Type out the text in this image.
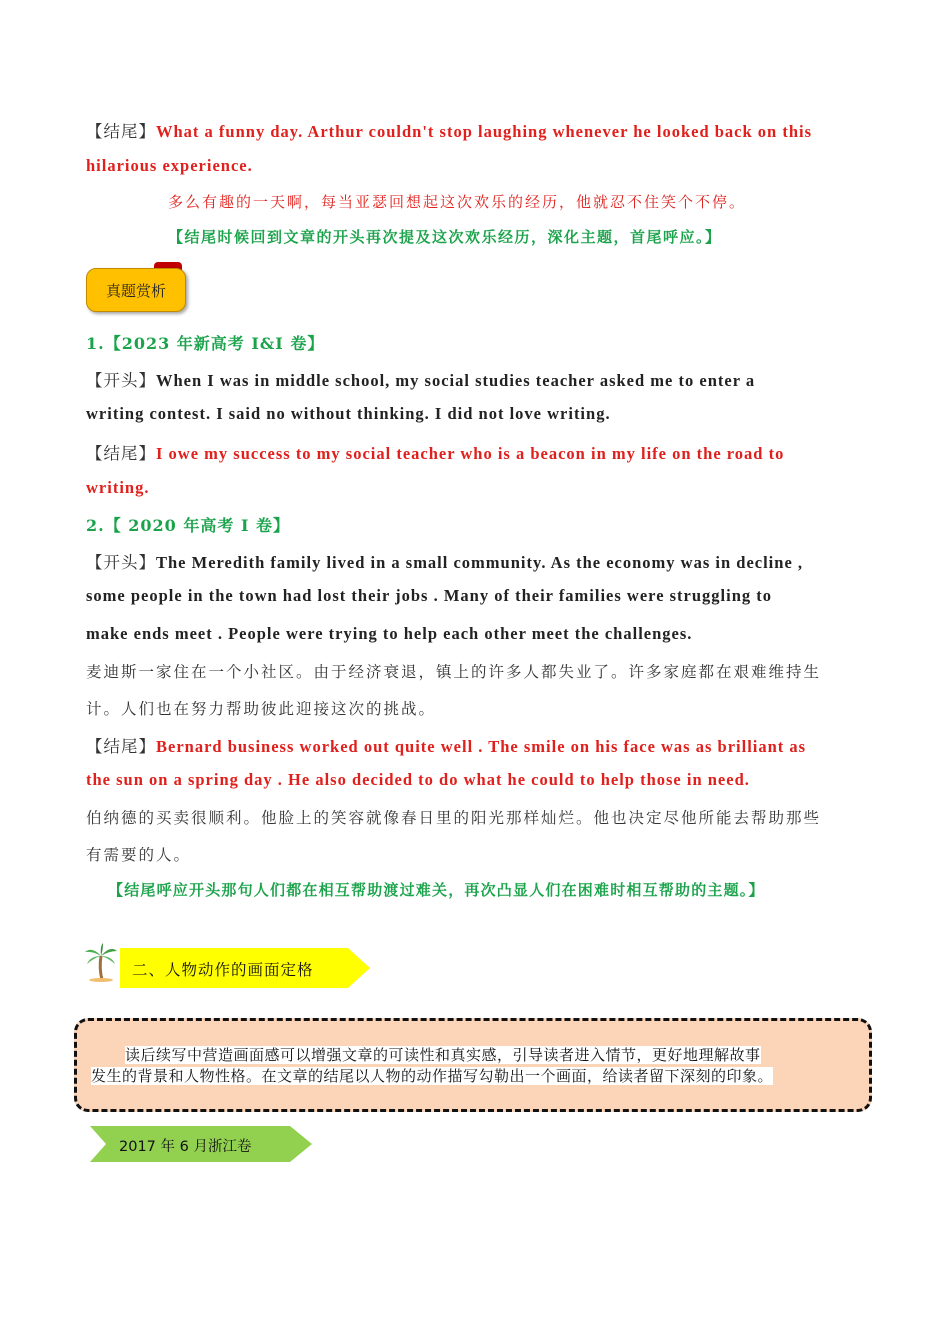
【结尾】What a funny day. Arthur couldn't stop laughing whenever he looked back on this
hilarious experience.
多么有趣的一天啊，每当亚瑟回想起这次欢乐的经历，他就忍不住笑个不停。
【结尾时候回到文章的开头再次提及这次欢乐经历，深化主题，首尾呼应。】
真题赏析
1.【2023 年新高考 I&I 卷】
【开头】When I was in middle school, my social studies teacher asked me to enter a
writing contest. I said no without thinking. I did not love writing.
【结尾】I owe my success to my social teacher who is a beacon in my life on the road to
writing.
2.【 2020 年高考 I 卷】
【开头】The Meredith family lived in a small community. As the economy was in decline ,
some people in the town had lost their jobs . Many of their families were struggling to
make ends meet . People were trying to help each other meet the challenges.
麦迪斯一家住在一个小社区。由于经济衰退，镇上的许多人都失业了。许多家庭都在艰难维持生
计。人们也在努力帮助彼此迎接这次的挑战。
【结尾】Bernard business worked out quite well . The smile on his face was as brilliant as
the sun on a spring day . He also decided to do what he could to help those in need.
伯纳德的买卖很顺利。他脸上的笑容就像春日里的阳光那样灿烂。他也决定尽他所能去帮助那些
有需要的人。
【结尾呼应开头那句人们都在相互帮助渡过难关，再次凸显人们在困难时相互帮助的主题。】
二、人物动作的画面定格
读后续写中营造画面感可以增强文章的可读性和真实感，引导读者进入情节，更好地理解故事
发生的背景和人物性格。在文章的结尾以人物的动作描写勾勒出一个画面，给读者留下深刻的印象。
2017 年 6 月浙江卷
